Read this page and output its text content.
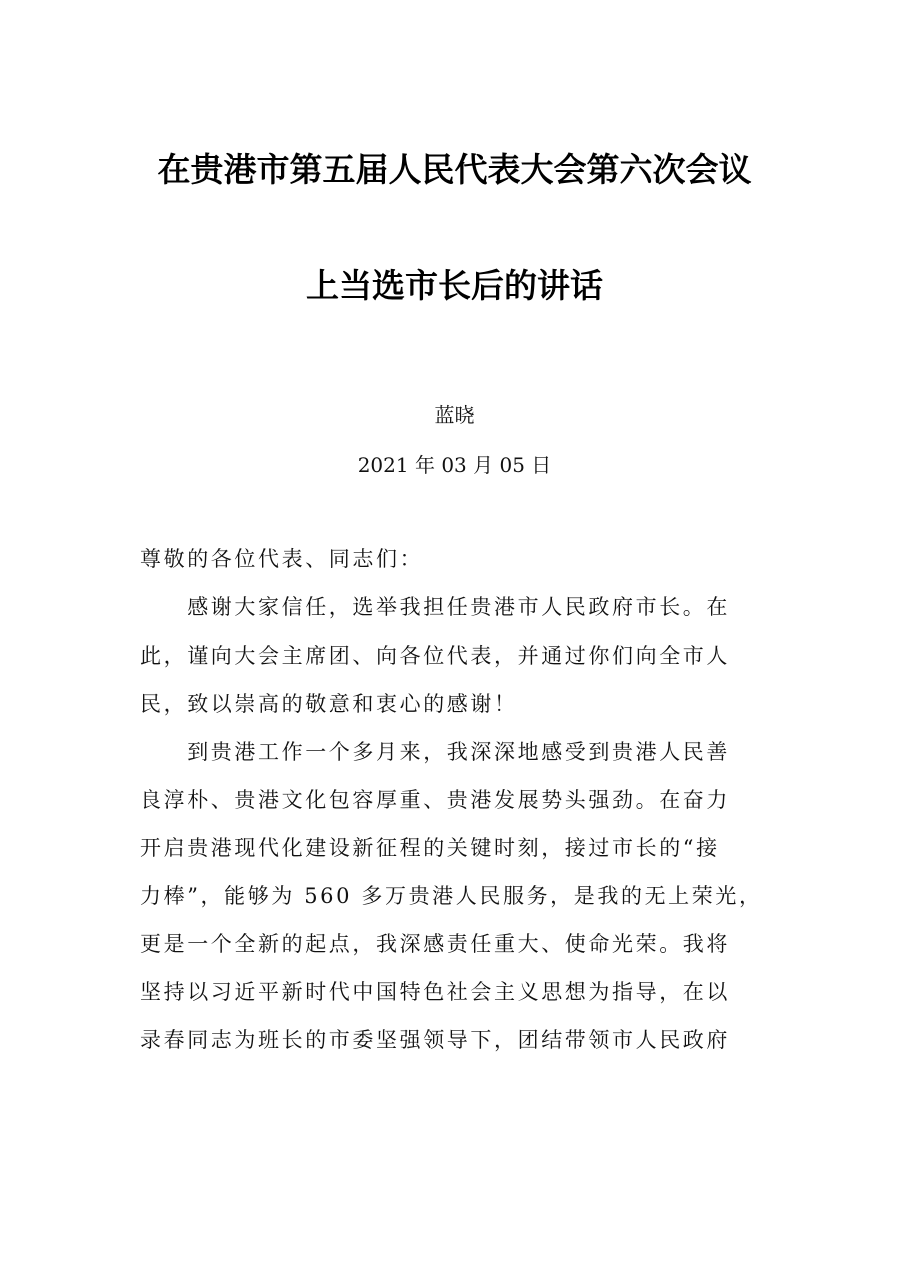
在贵港市第五届人民代表大会第六次会议
上当选市长后的讲话
蓝晓
2021 年 03 月 05 日
尊敬的各位代表、同志们：
　　感谢大家信任，选举我担任贵港市人民政府市长。在
此，谨向大会主席团、向各位代表，并通过你们向全市人
民，致以崇高的敬意和衷心的感谢！
　　到贵港工作一个多月来，我深深地感受到贵港人民善
良淳朴、贵港文化包容厚重、贵港发展势头强劲。在奋力
开启贵港现代化建设新征程的关键时刻，接过市长的“接
力棒”，能够为 560 多万贵港人民服务，是我的无上荣光，
更是一个全新的起点，我深感责任重大、使命光荣。我将
坚持以习近平新时代中国特色社会主义思想为指导，在以
录春同志为班长的市委坚强领导下，团结带领市人民政府
